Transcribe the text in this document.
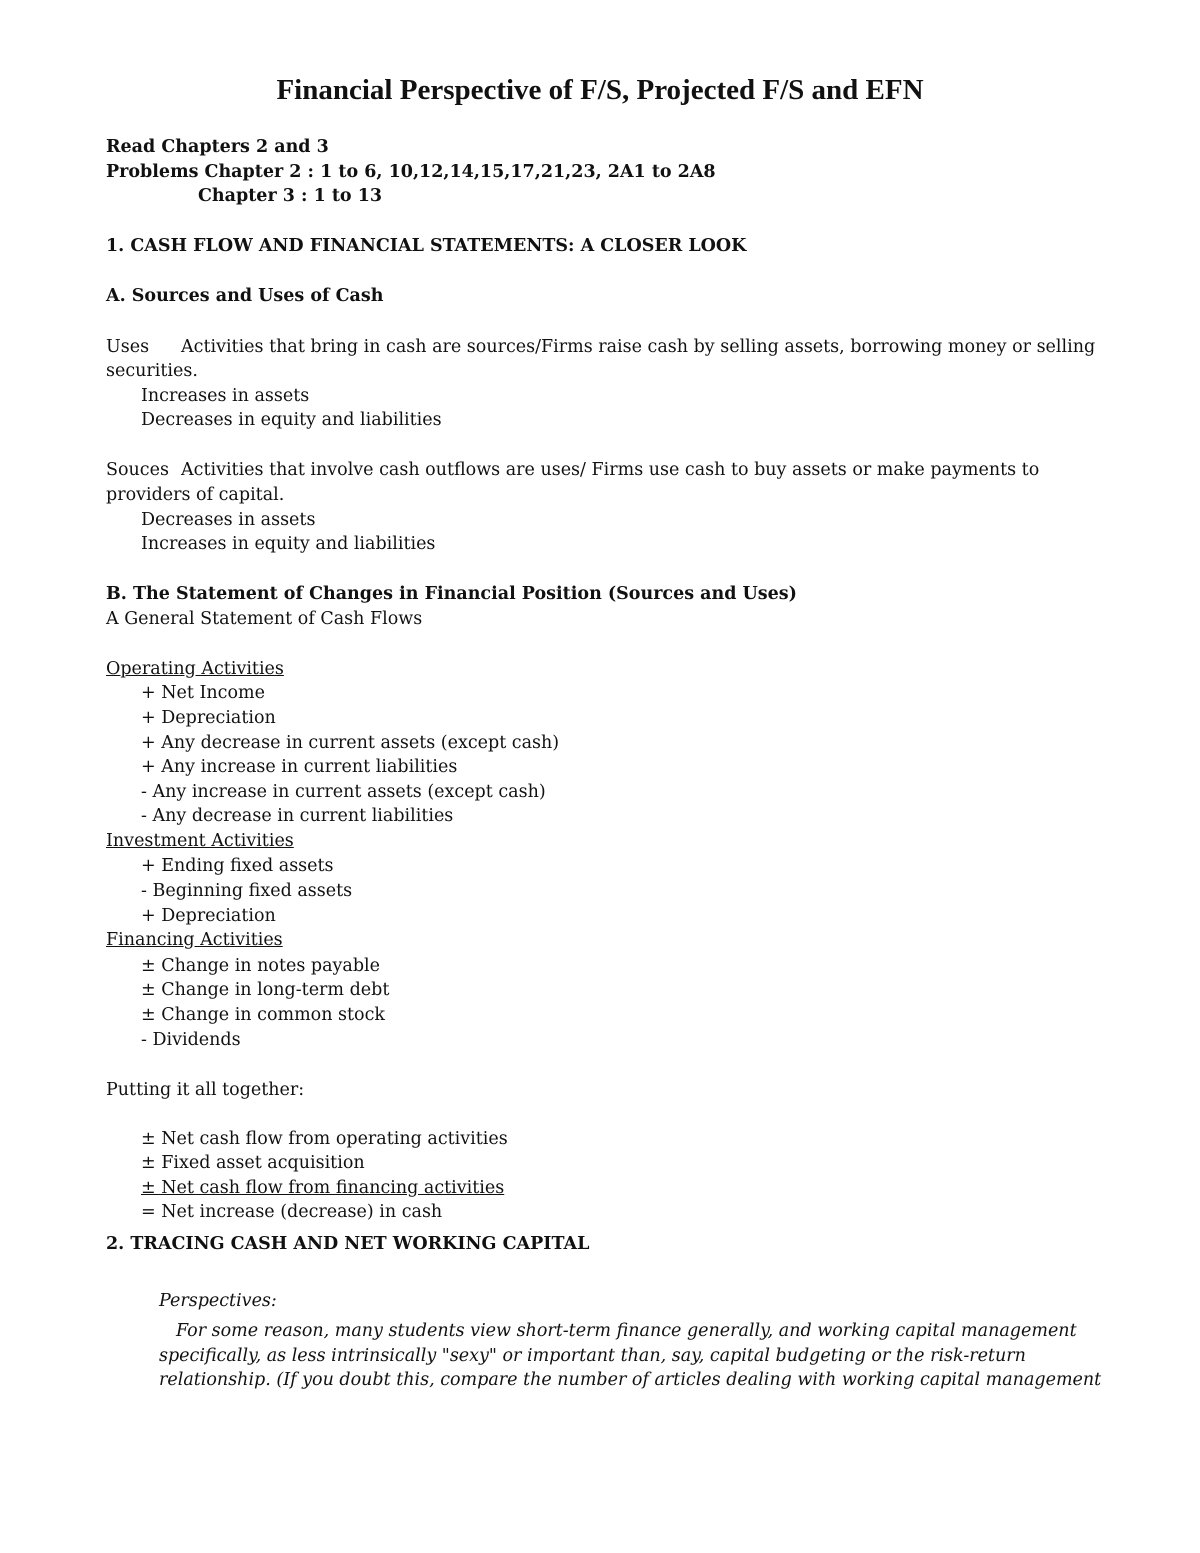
Financial Perspective of F/S, Projected F/S and EFN
Read Chapters 2 and 3
Problems Chapter 2 : 1 to 6, 10,12,14,15,17,21,23, 2A1 to 2A8
Chapter 3 : 1 to 13
1. CASH FLOW AND FINANCIAL STATEMENTS: A CLOSER LOOK
A. Sources and Uses of Cash
Uses Activities that bring in cash are sources/Firms raise cash by selling assets, borrowing money or selling
securities.
Increases in assets
Decreases in equity and liabilities
Souces Activities that involve cash outflows are uses/ Firms use cash to buy assets or make payments to
providers of capital.
Decreases in assets
Increases in equity and liabilities
B. The Statement of Changes in Financial Position (Sources and Uses)
A General Statement of Cash Flows
Operating Activities
+ Net Income
+ Depreciation
+ Any decrease in current assets (except cash)
+ Any increase in current liabilities
- Any increase in current assets (except cash)
- Any decrease in current liabilities
Investment Activities
+ Ending fixed assets
- Beginning fixed assets
+ Depreciation
Financing Activities
± Change in notes payable
± Change in long-term debt
± Change in common stock
- Dividends
Putting it all together:
± Net cash flow from operating activities
± Fixed asset acquisition
± Net cash flow from financing activities
= Net increase (decrease) in cash
2. TRACING CASH AND NET WORKING CAPITAL
Perspectives:
For some reason, many students view short-term finance generally, and working capital management
specifically, as less intrinsically "sexy" or important than, say, capital budgeting or the risk-return
relationship. (If you doubt this, compare the number of articles dealing with working capital management
